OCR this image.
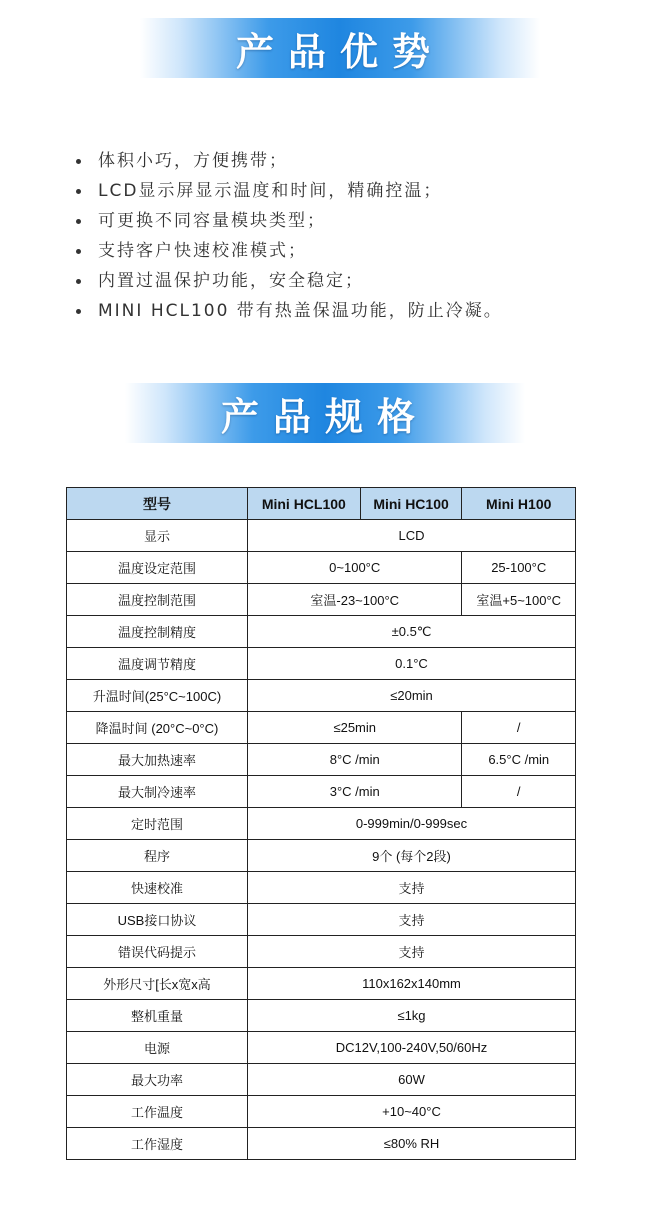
产品优势
体积小巧，方便携带；
LCD显示屏显示温度和时间，精确控温；
可更换不同容量模块类型；
支持客户快速校准模式；
内置过温保护功能，安全稳定；
MINI HCL100 带有热盖保温功能，防止冷凝。
产品规格
型号	Mini HCL100	Mini HC100	Mini H100
显示	LCD		
温度设定范围	0~100°C		25-100°C
温度控制范围	室温-23~100°C		室温+5~100°C
温度控制精度	±0.5℃		
温度调节精度	0.1°C		
升温时间(25°C~100C)	≤20min		
降温时间 (20°C~0°C)	≤25min		/
最大加热速率	8°C /min		6.5°C /min
最大制冷速率	3°C /min		/
定时范围	0-999min/0-999sec		
程序	9个 (每个2段)		
快速校准	支持		
USB接口协议	支持		
错误代码提示	支持		
外形尺寸[长x宽x高	110x162x140mm		
整机重量	≤1kg		
电源	DC12V,100-240V,50/60Hz		
最大功率	60W		
工作温度	+10~40°C		
工作湿度	≤80% RH		
